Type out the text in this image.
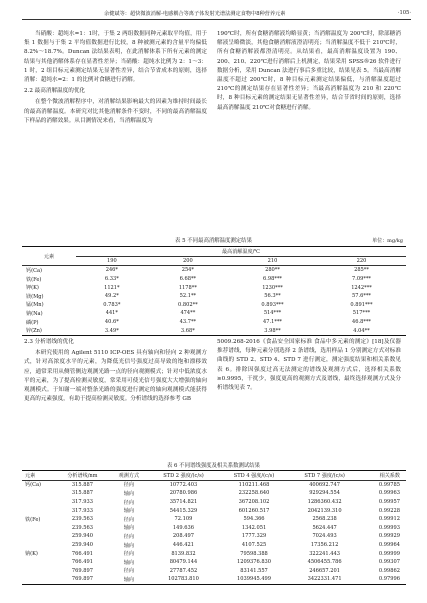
余健斌等：超快微波消解-电感耦合等离子体发射光谱法测定食物中8种营养元素	·105·

当硝酸：超纯水=1：1时，于集 2 两组数据同种元素取平均值，用于集 1 数据与于集 2 平均值数据进行比较，8 种被测元素的含量平均偏低 8.2%～18.7%。Duncan 法结果表明，在此消解体系下所有元素的测定结果与其他消解体系存在显著性差异；当硝酸：超纯水比例为 2：1～3：1 时，2 组目标元素测定结果无显著性差异，结合节省成本的原则，选择消解：超纯水=2：1 的比例对食糖进行消解。

2.2 最高消解温度的优化

在整个微波消解程序中，对消解结果影响最大的因素为维持时间最长的最高消解温度。本研究对比其他消解条件不变时，不同的最高消解温度下样品的消解效果。从目测情况来看，当消解温度为

190℃时，所有食糖消解液均略显黄；当消解温度为 200℃时，除部糖消解液呈略微淡，其他食糖消解液澄清明亮；当消解温度不低于 210℃时，所有食糖消解液都澄清明亮。从结果看，最高消解温度设置为 190、200、210、220℃进行消解后上机测定，结果采用 SPSS®26 软件进行数据分析，采用 Duncan 法进行事后多重比较，结果见表 5。当最高消解温度不超过 200℃时，8 种目标元素测定结果偏低，与消解温度超过 210℃的测定结果存在显著性差异；当最高消解温度为 210 和 220℃时，8 种目标元素的测定结果无显著性差异，结合节省时间的原则，选择最高消解温度 210℃对食糖进行消解。

表 5 不同最高消解温度测定结果	单位：mg/kg
元素	最高消解温度/℃			
	190	200	210	220
钙(Ca)	246*	254*	280**	285**
铁(Fe)	6.33*	6.68**	6.98***	7.09***
钾(K)	1121*	1178**	1230***	1242***
镁(Mg)	49.2*	52.1**	56.3**	57.6***
锰(Mn)	0.783*	0.802**	0.893***	0.891***
钠(Na)	441*	474**	514***	517***
磷(P)	40.6*	43.7**	47.1***	46.8***
锌(Zn)	3.49*	3.68*	3.98**	4.04**

2.3 分析谱线的优化

本研究使用的 Agilent 5110 ICP-OES 具有轴向和径向 2 种观测方式，针对高浓度水平的元素，为降低光信号强度过高导致的饱和漂移效应，通常采用从侧管侧边观测光路一点的径向观测模式；针对中低浓度水平的元素，为了提高检测灵敏度，常采用可使光信号强度大大增强的轴向观测模式。于知谢一端对整条光路的强度进行测定的轴向观测模式能获得更高的元素强度，有助于提高检测灵敏度。分析谱线的选择参考 GB

5009.268-2016《食品安全国家标准 食品中多元素的测定》[18]及仪器推荐谱线，每种元素分别选择 2 条谱线，选用样品 1 分别测定方式对标准曲线的 STD 2、STD 4、STD 7 进行测定，测定强度结果和相关系数见表 6。排除因强度过高无法测定的谱线及观测方式后，选择相关系数≥0.9995，干扰少，强度更高的观测方式及谱线，最终选择观测方式及分析谱线见表 7。

表 6 不同谱线强度及相关系数测试结果
元素	分析谱线/nm	观测方式	STD 2 强度/(c/s)	STD 4 强度/(c/s)	STD 7 强度/(c/s)	相关系数
钙(Ca)	315.887	径向	10772.403	110211.468	400692.747	0.99785
	315.887	轴向	20780.986	232258.640	929294.554	0.99963
	317.933	径向	35714.821	367208.102	1286360.432	0.99957
	317.933	轴向	54415.329	601260.517	2042139.310	0.99228
铁(Fe)	239.563	径向	72.109	594.366	2568.238	0.99912
	239.563	轴向	149.636	1342.051	5624.447	0.99993
	259.940	径向	208.497	1777.329	7024.493	0.99929
	259.940	轴向	446.421	4107.525	17356.212	0.99964
钠(K)	766.491	径向	8139.832	79598.388	322241.443	0.99999
	766.491	轴向	80479.144	1209376.830	4506455.786	0.99307
	769.897	径向	27787.452	83141.557	246657.201	0.99862
	769.897	轴向	102783.810	1039945.499	3422331.471	0.97996
